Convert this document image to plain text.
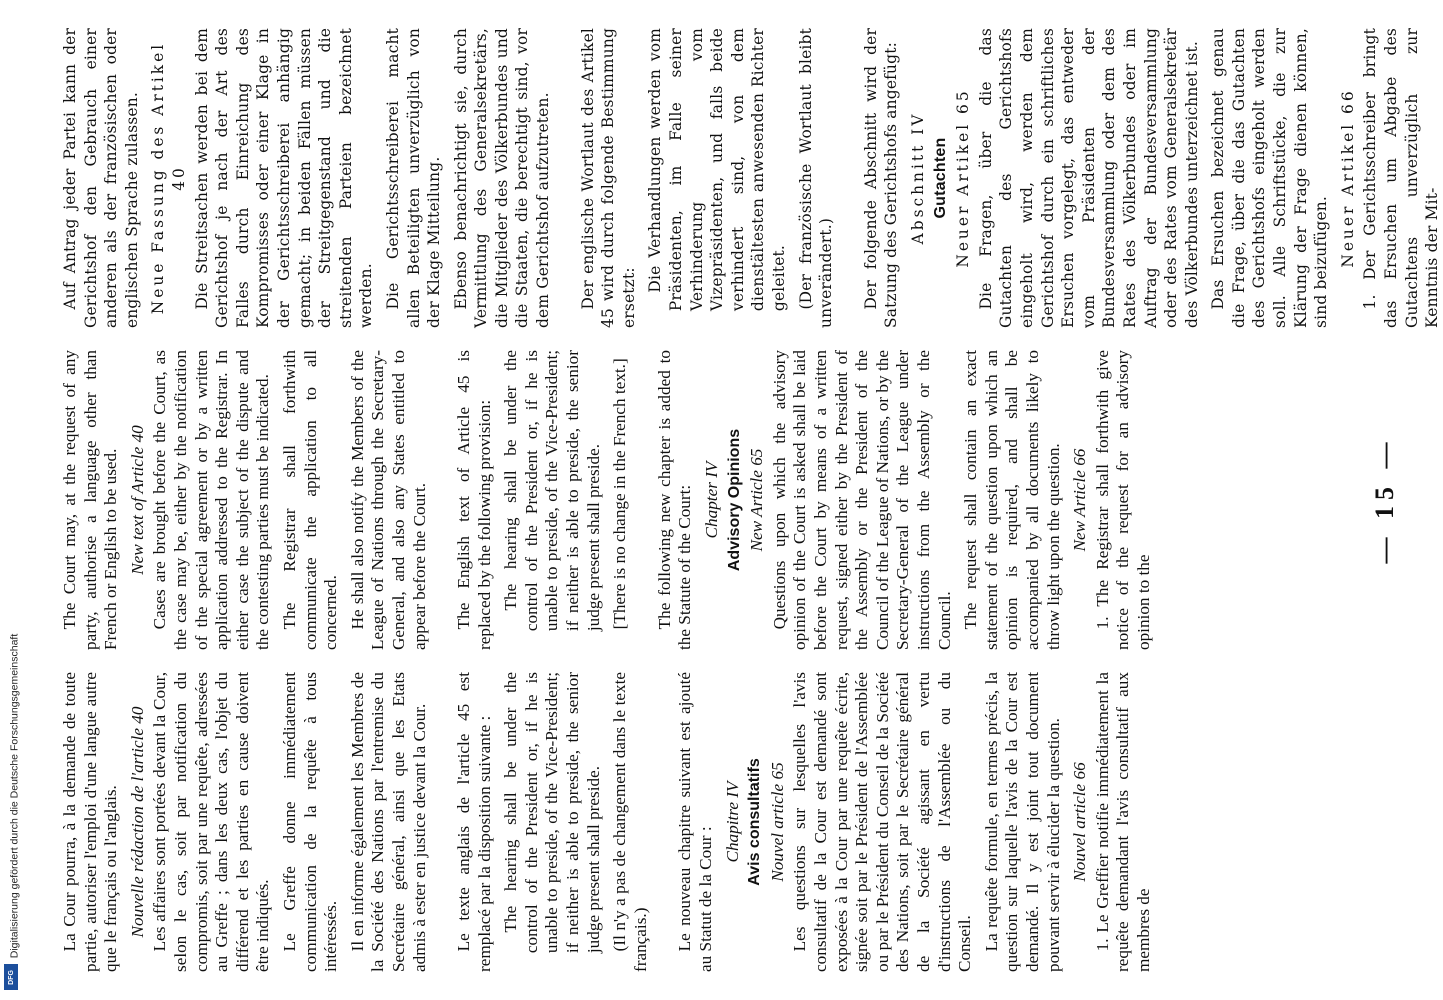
— 15 —

La Cour pourra, à la demande de toute partie, autoriser l'emploi d'une langue autre que le français ou l'anglais. Nouvelle rédaction de l'article 40 Les affaires sont portées devant la Cour, selon le cas, soit par notification du compromis, soit par une requête, adressées au Greffe ; dans les deux cas, l'objet du différend et les parties en cause doivent être indiqués. Le Greffe donne immédiatement communication de la requête à tous intéressés. Il en informe également les Membres de la Société des Nations par l'entremise du Secrétaire général, ainsi que les Etats admis à ester en justice devant la Cour. Le texte anglais de l'article 45 est remplacé par la disposition suivante : The hearing shall be under the control of the President or, if he is unable to preside, of the Vice-President; if neither is able to preside, the senior judge present shall preside. (Il n'y a pas de changement dans le texte français.) Le nouveau chapitre suivant est ajouté au Statut de la Cour :

Chapitre IV Avis consultatifs Nouvel article 65 Les questions sur lesquelles l'avis consultatif de la Cour est demandé sont exposées à la Cour par une requête écrite, signée soit par le Président de l'Assemblée ou par le Président du Conseil de la Société des Nations, soit par le Secrétaire général de la Société agissant en vertu d'instructions de l'Assemblée ou du Conseil. La requête formule, en termes précis, la question sur laquelle l'avis de la Cour est demandé. Il y est joint tout document pouvant servir à élucider la question. Nouvel article 66 1. Le Greffier notifie immédiatement la requête demandant l'avis consultatif aux membres de

The Court may, at the request of any party, authorise a language other than French or English to be used. New text of Article 40 Cases are brought before the Court, as the case may be, either by the notification of the special agreement or by a written application addressed to the Registrar. In either case the subject of the dispute and the contesting parties must be indicated. The Registrar shall forthwith communicate the application to all concerned. He shall also notify the Members of the League of Nations through the Secretary-General, and also any States entitled to appear before the Court. The English text of Article 45 is replaced by the following provision: The hearing shall be under the control of the President or, if he is unable to preside, of the Vice-President; if neither is able to preside, the senior judge present shall preside. [There is no change in the French text.] The following new chapter is added to the Statute of the Court: Chapter IV Advisory Opinions New Article 65 Questions upon which the advisory opinion of the Court is asked shall be laid before the Court by means of a written request, signed either by the President of the Assembly or the President of the Council of the League of Nations, or by the Secretary-General of the League under instructions from the Assembly or the Council. The request shall contain an exact statement of the question upon which an opinion is required, and shall be accompanied by all documents likely to throw light upon the question. New Article 66 1. The Registrar shall forthwith give notice of the request for an advisory opinion to the

Auf Antrag jeder Partei kann der Gerichtshof den Gebrauch einer anderen als der französischen oder englischen Sprache zulassen. Neue Fassung des Artikel 40 Die Streitsachen werden bei dem Gerichtshof je nach der Art des Falles durch Einreichung des Kompromisses oder einer Klage in der Gerichtsschreiberei anhängig gemacht; in beiden Fällen müssen der Streitgegenstand und die streitenden Parteien bezeichnet werden. Die Gerichtsschreiberei macht allen Beteiligten unverzüglich von der Klage Mitteilung. Ebenso benachrichtigt sie, durch Vermittlung des Generalsekretärs, die Mitglieder des Völkerbundes und die Staaten, die berechtigt sind, vor dem Gerichtshof aufzutreten. Der englische Wortlaut des Artikel 45 wird durch folgende Bestimmung ersetzt:

Die Verhandlungen werden vom Präsidenten, im Falle seiner Verhinderung vom Vizepräsidenten, und falls beide verhindert sind, von dem dienstältesten anwesenden Richter geleitet. (Der französische Wortlaut bleibt unverändert.) Der folgende Abschnitt wird der Satzung des Gerichtshofs angefügt: Abschnitt IV Gutachten Neuer Artikel 65 Die Fragen, über die das Gutachten des Gerichtshofs eingeholt wird, werden dem Gerichtshof durch ein schriftliches Ersuchen vorgelegt, das entweder vom Präsidenten der Bundesversammlung oder dem des Rates des Völkerbundes oder im Auftrag der Bundesversammlung oder des Rates vom Generalsekretär des Völkerbundes unterzeichnet ist. Das Ersuchen bezeichnet genau die Frage, über die das Gutachten des Gerichtshofs eingeholt werden soll. Alle Schriftstücke, die zur Klärung der Frage dienen können, sind beizufügen. Neuer Artikel 66 1. Der Gerichtsschreiber bringt das Ersuchen um Abgabe des Gutachtens unverzüglich zur Kenntnis der Mit-

Digitalisierung gefördert durch die Deutsche Forschungsgemeinschaft
DFG
